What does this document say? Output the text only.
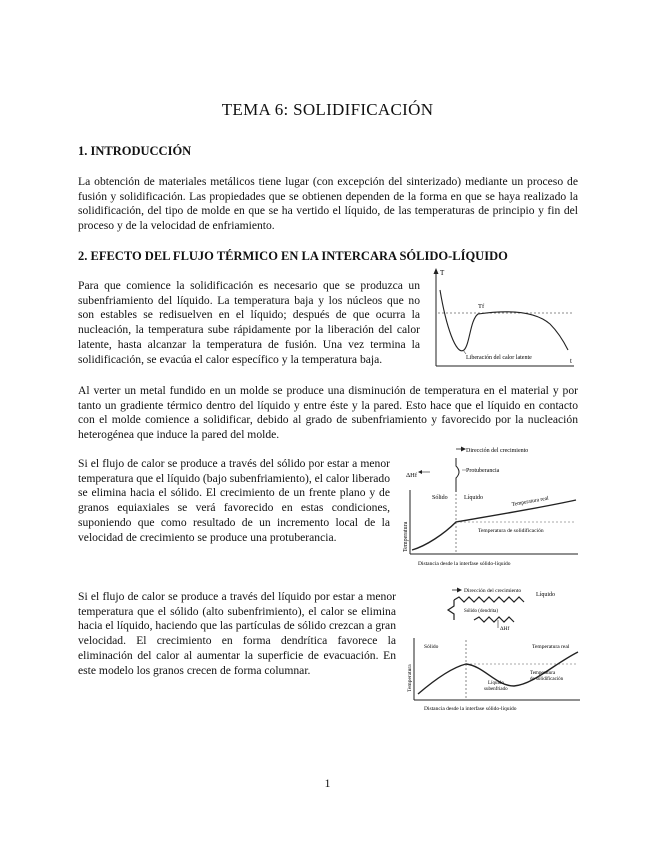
TEMA 6: SOLIDIFICACIÓN
1. INTRODUCCIÓN
La obtención de materiales metálicos tiene lugar (con excepción del sinterizado) mediante un proceso de fusión y solidificación. Las propiedades que se obtienen dependen de la forma en que se haya realizado la solidificación, del tipo de molde en que se ha vertido el líquido, de las temperaturas de principio y fin del proceso y de la velocidad de enfriamiento.
2. EFECTO DEL FLUJO TÉRMICO EN LA INTERCARA SÓLIDO-LÍQUIDO
Para que comience la solidificación es necesario que se produzca un subenfriamiento del líquido. La temperatura baja y los núcleos que no son estables se redisuelven en el líquido; después de que ocurra la nucleación, la temperatura sube rápidamente por la liberación del calor latente, hasta alcanzar la temperatura de fusión. Una vez termina la solidificación, se evacúa el calor específico y la temperatura baja.
T
t
Tf
Liberación del calor latente
Al verter un metal fundido en un molde se produce una disminución de temperatura en el material y por tanto un gradiente térmico dentro del líquido y entre éste y la pared. Esto hace que el líquido en contacto con el molde comience a solidificar, debido al grado de subenfriamiento y favorecido por la nucleación heterogénea que induce la pared del molde.
Si el flujo de calor se produce a través del sólido por estar a menor temperatura que el líquido (bajo subenfriamiento), el calor liberado se elimina hacia el sólido. El crecimiento de un frente plano y de granos equiaxiales se verá favorecido en estas condiciones, suponiendo que como resultado de un incremento local de la velocidad de crecimiento se produce una protuberancia.
Dirección del crecimiento
ΔHf
Protuberancia
Sólido	Líquido
Temperatura
Temperatura real
Temperatura de solidificación
Distancia desde la interfase sólido-líquido
Si el flujo de calor se produce a través del líquido por estar a menor temperatura que el sólido (alto subenfrimiento), el calor se elimina hacia el líquido, haciendo que las partículas de sólido crezcan a gran velocidad. El crecimiento en forma dendrítica favorece la eliminación del calor al aumentar la superficie de evacuación. En este modelo los granos crecen de forma columnar.
Dirección del crecimiento
Sólido (dendrita)
Líquido
ΔHf
Temperatura
Sólido	Temperatura real
Temperatura
de solidificación
Líquido
subenfriado
Distancia desde la interfase sólido-líquido
1
